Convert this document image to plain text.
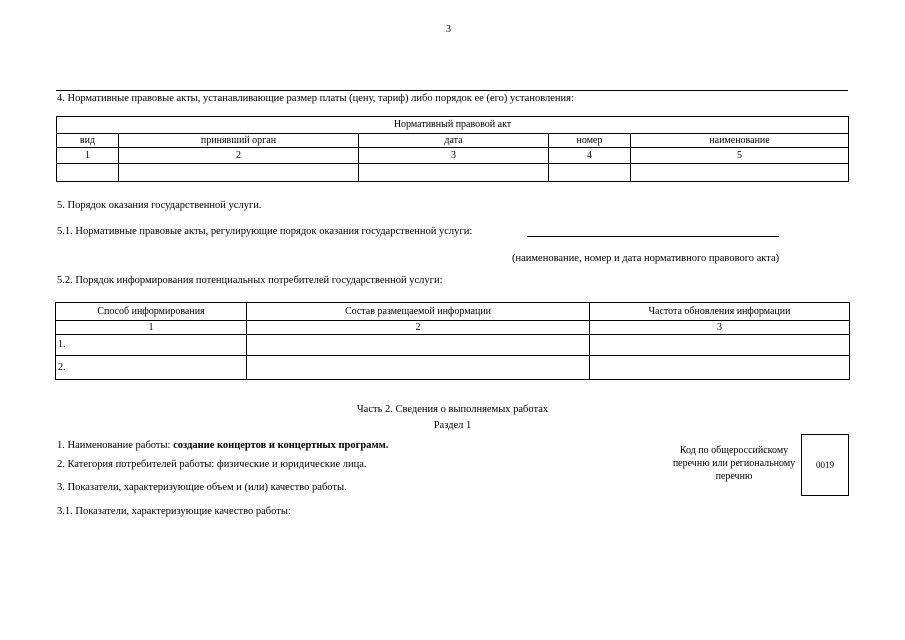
3
4. Нормативные правовые акты, устанавливающие размер платы (цену, тариф) либо порядок ее (его) установления:
Нормативный правовой акт				
вид	принявший орган	дата	номер	наименование
1	2	3	4	5

5. Порядок оказания государственной услуги.
5.1. Нормативные правовые акты, регулирующие порядок оказания государственной услуги:
(наименование, номер и дата нормативного правового акта)
5.2. Порядок информирования потенциальных потребителей государственной услуги:
Способ информирования	Состав размещаемой информации	Частота обновления информации
1	2	3
1.		
2.		
Часть 2. Сведения о выполняемых работах
Раздел 1
1. Наименование работы: создание концертов и концертных программ.
2. Категория потребителей работы: физические и юридические лица.
3. Показатели, характеризующие объем и (или) качество работы.
3.1. Показатели, характеризующие качество работы:
Код по общероссийскому перечню или региональному перечню
0019
